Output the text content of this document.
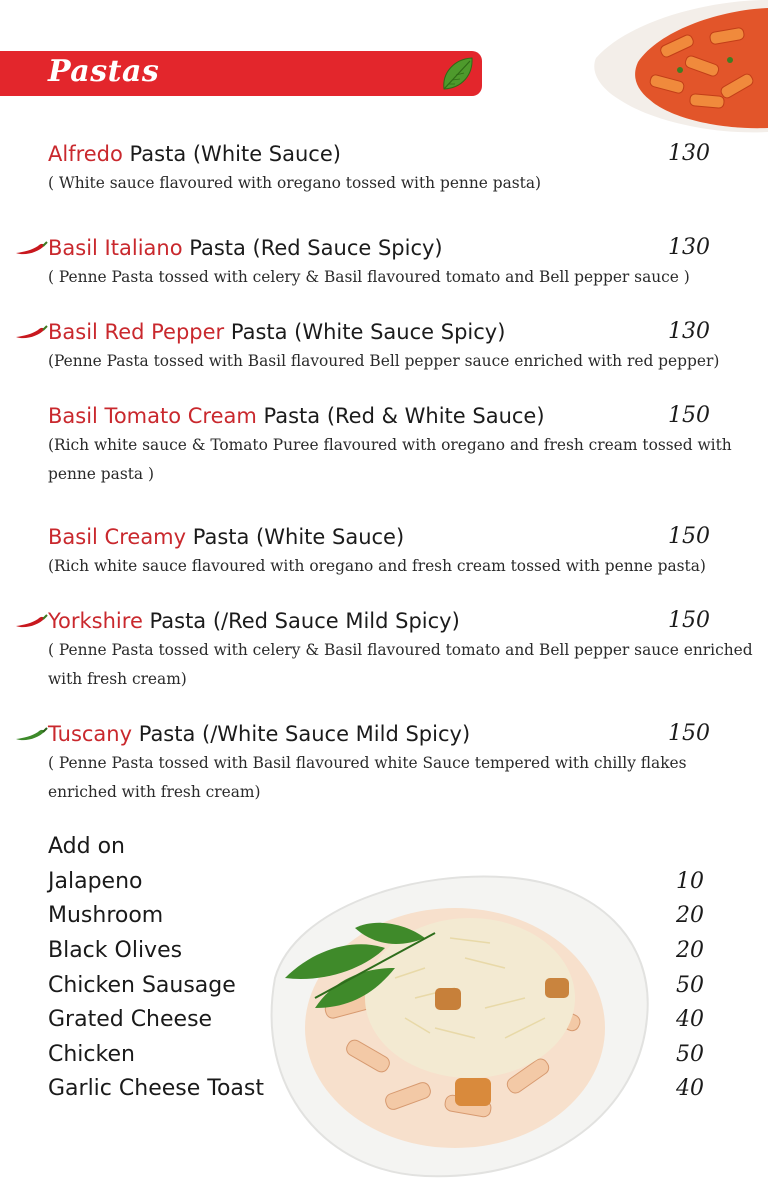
Pastas
Alfredo Pasta (White Sauce)	130
( White sauce flavoured with oregano tossed with penne pasta)
Basil Italiano Pasta (Red Sauce Spicy)	130
( Penne Pasta tossed with celery & Basil flavoured tomato and Bell pepper sauce )
Basil Red Pepper Pasta (White Sauce Spicy)	130
(Penne Pasta tossed with Basil flavoured Bell pepper sauce enriched with red pepper)
Basil Tomato Cream Pasta (Red & White Sauce)	150
(Rich white sauce & Tomato Puree flavoured with oregano and fresh cream tossed with penne pasta )
Basil Creamy Pasta (White Sauce)	150
(Rich white sauce flavoured with oregano and fresh cream tossed with penne pasta)
Yorkshire Pasta (/Red Sauce Mild Spicy)	150
( Penne Pasta tossed with celery & Basil flavoured tomato and Bell pepper sauce enriched with fresh cream)
Tuscany Pasta (/White Sauce Mild Spicy)	150
( Penne Pasta tossed with Basil flavoured white Sauce tempered with chilly flakes enriched with fresh cream)
Add on
Jalapeno	10
Mushroom	20
Black Olives	20
Chicken Sausage	50
Grated Cheese	40
Chicken	50
Garlic Cheese Toast	40
